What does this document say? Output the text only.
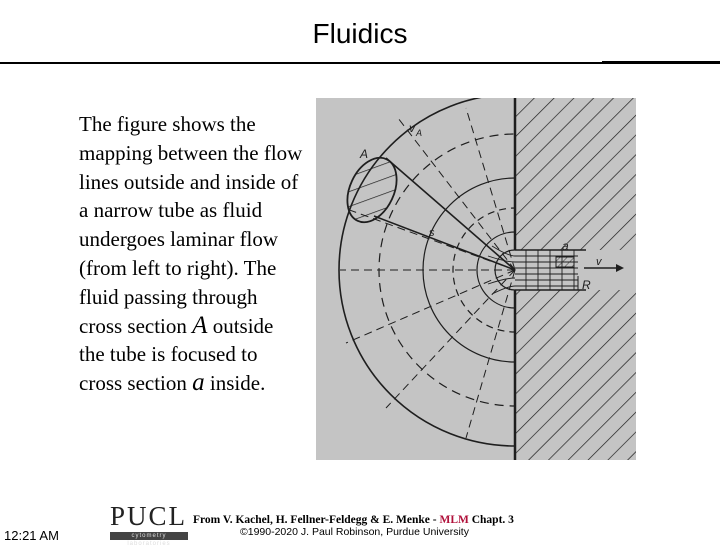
Fluidics
The figure shows the mapping between the flow lines outside and inside of a narrow tube as fluid undergoes laminar flow (from left to right). The fluid passing through cross section A outside the tube is focused to cross section a inside.
v A
A
s
a
v
R
12:21 AM
PUCL
cytometry laboratories
From V. Kachel, H. Fellner-Feldegg & E. Menke - MLM Chapt. 3
©1990-2020 J. Paul Robinson, Purdue University
